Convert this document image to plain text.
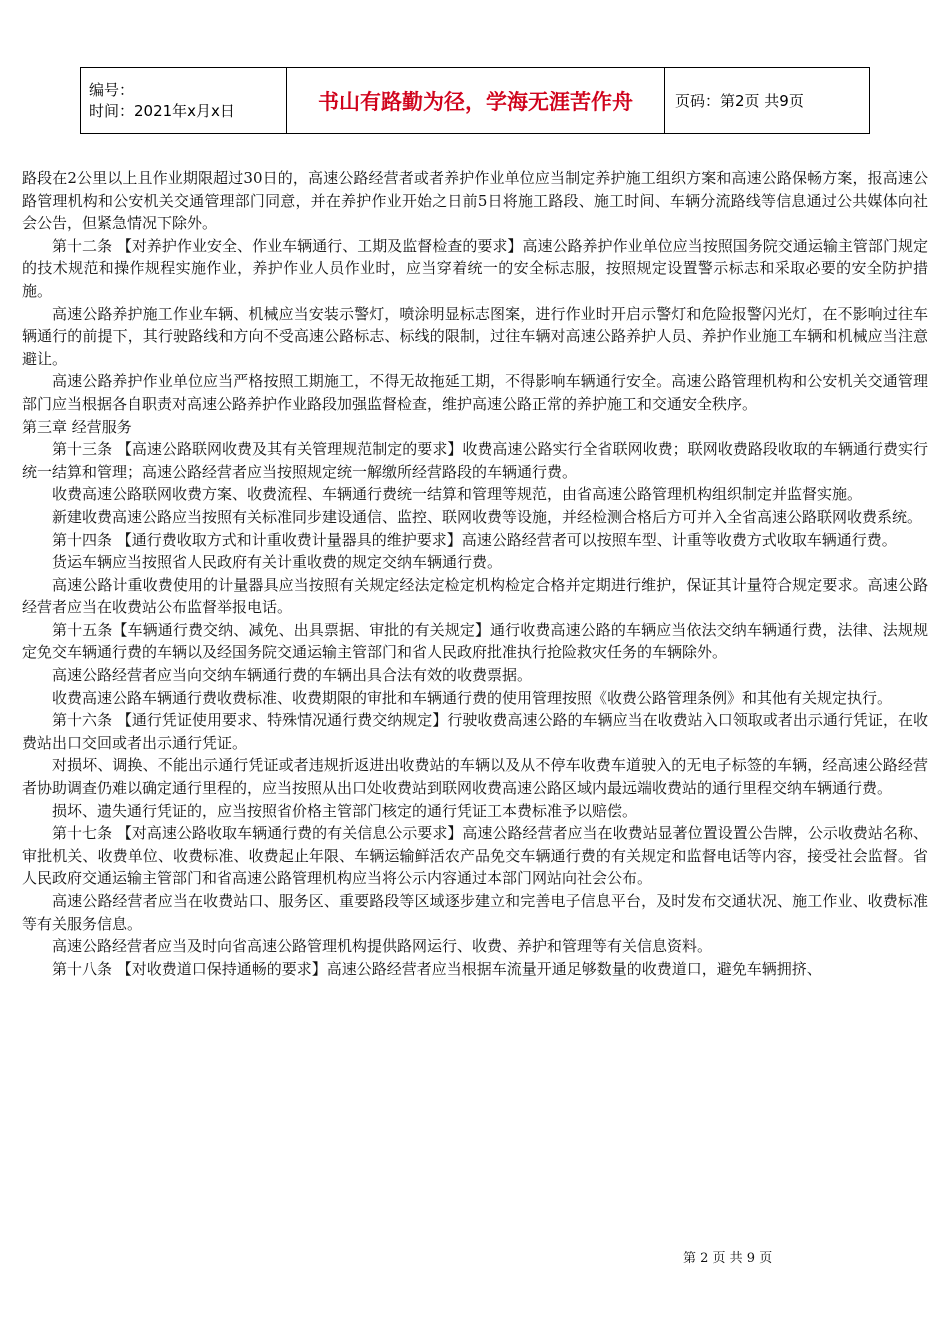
编号：
时间：2021年x月x日	书山有路勤为径，学海无涯苦作舟	页码：第2页 共9页

路段在2公里以上且作业期限超过30日的，高速公路经营者或者养护作业单位应当制定养护施工组织方案和高速公路保畅方案，报高速公路管理机构和公安机关交通管理部门同意，并在养护作业开始之日前5日将施工路段、施工时间、车辆分流路线等信息通过公共媒体向社会公告，但紧急情况下除外。

第十二条 【对养护作业安全、作业车辆通行、工期及监督检查的要求】高速公路养护作业单位应当按照国务院交通运输主管部门规定的技术规范和操作规程实施作业，养护作业人员作业时，应当穿着统一的安全标志服，按照规定设置警示标志和采取必要的安全防护措施。

高速公路养护施工作业车辆、机械应当安装示警灯，喷涂明显标志图案，进行作业时开启示警灯和危险报警闪光灯，在不影响过往车辆通行的前提下，其行驶路线和方向不受高速公路标志、标线的限制，过往车辆对高速公路养护人员、养护作业施工车辆和机械应当注意避让。

高速公路养护作业单位应当严格按照工期施工，不得无故拖延工期，不得影响车辆通行安全。高速公路管理机构和公安机关交通管理部门应当根据各自职责对高速公路养护作业路段加强监督检查，维护高速公路正常的养护施工和交通安全秩序。

第三章 经营服务

第十三条 【高速公路联网收费及其有关管理规范制定的要求】收费高速公路实行全省联网收费；联网收费路段收取的车辆通行费实行统一结算和管理；高速公路经营者应当按照规定统一解缴所经营路段的车辆通行费。

收费高速公路联网收费方案、收费流程、车辆通行费统一结算和管理等规范，由省高速公路管理机构组织制定并监督实施。

新建收费高速公路应当按照有关标准同步建设通信、监控、联网收费等设施，并经检测合格后方可并入全省高速公路联网收费系统。

第十四条 【通行费收取方式和计重收费计量器具的维护要求】高速公路经营者可以按照车型、计重等收费方式收取车辆通行费。

货运车辆应当按照省人民政府有关计重收费的规定交纳车辆通行费。

高速公路计重收费使用的计量器具应当按照有关规定经法定检定机构检定合格并定期进行维护，保证其计量符合规定要求。高速公路经营者应当在收费站公布监督举报电话。

第十五条【车辆通行费交纳、减免、出具票据、审批的有关规定】通行收费高速公路的车辆应当依法交纳车辆通行费，法律、法规规定免交车辆通行费的车辆以及经国务院交通运输主管部门和省人民政府批准执行抢险救灾任务的车辆除外。

高速公路经营者应当向交纳车辆通行费的车辆出具合法有效的收费票据。

收费高速公路车辆通行费收费标准、收费期限的审批和车辆通行费的使用管理按照《收费公路管理条例》和其他有关规定执行。

第十六条 【通行凭证使用要求、特殊情况通行费交纳规定】行驶收费高速公路的车辆应当在收费站入口领取或者出示通行凭证，在收费站出口交回或者出示通行凭证。

对损坏、调换、不能出示通行凭证或者违规折返进出收费站的车辆以及从不停车收费车道驶入的无电子标签的车辆，经高速公路经营者协助调查仍难以确定通行里程的，应当按照从出口处收费站到联网收费高速公路区域内最远端收费站的通行里程交纳车辆通行费。

损坏、遗失通行凭证的，应当按照省价格主管部门核定的通行凭证工本费标准予以赔偿。

第十七条 【对高速公路收取车辆通行费的有关信息公示要求】高速公路经营者应当在收费站显著位置设置公告牌，公示收费站名称、审批机关、收费单位、收费标准、收费起止年限、车辆运输鲜活农产品免交车辆通行费的有关规定和监督电话等内容，接受社会监督。省人民政府交通运输主管部门和省高速公路管理机构应当将公示内容通过本部门网站向社会公布。

高速公路经营者应当在收费站口、服务区、重要路段等区域逐步建立和完善电子信息平台，及时发布交通状况、施工作业、收费标准等有关服务信息。

高速公路经营者应当及时向省高速公路管理机构提供路网运行、收费、养护和管理等有关信息资料。

第十八条 【对收费道口保持通畅的要求】高速公路经营者应当根据车流量开通足够数量的收费道口，避免车辆拥挤、

第 2 页 共 9 页
